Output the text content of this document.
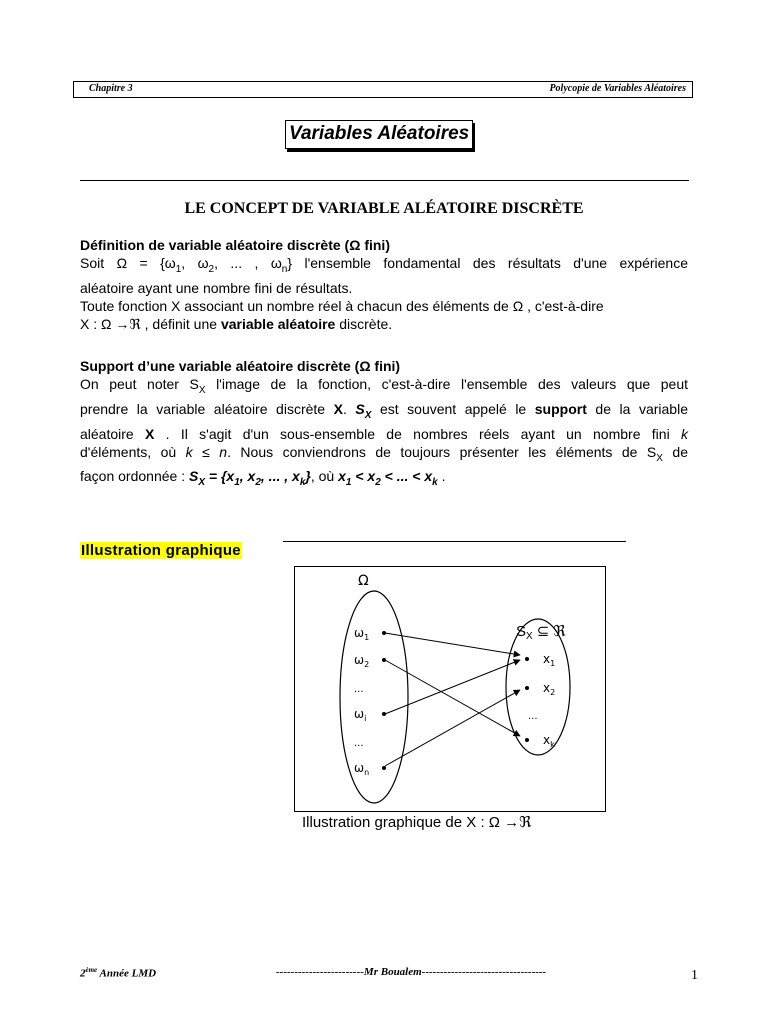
Chapitre 3	Polycopie de Variables Aléatoires
Variables Aléatoires
LE CONCEPT DE VARIABLE ALÉATOIRE DISCRÈTE
Définition de variable aléatoire discrète (Ω fini)
Soit $\Omega = \{\omega_1$, $\omega_2$, ... , $\omega_n$} l'ensemble fondamental des résultats d'une expérience
aléatoire ayant une nombre fini de résultats.
Toute fonction X associant un nombre réel à chacun des éléments de Ω , c'est-à-dire
X : Ω →ℜ , définit une variable aléatoire discrète.
Support d’une variable aléatoire discrète (Ω fini)
On peut noter $S_X$ l'image de la fonction, c'est-à-dire l'ensemble des valeurs que peut
prendre la variable aléatoire discrète X. $S_X$ est souvent appelé le support de la variable
aléatoire X . Il s'agit d'un sous-ensemble de nombres réels ayant un nombre fini k
d'éléments, où k ≤ n. Nous conviendrons de toujours présenter les éléments de $S_X$ de
façon ordonnée : $S_X = \{x_1$, $x_2$, ... , $x_k$}, où $x_1 < x_2$ < ... < $x_k$ .
Illustration graphique
Ω
$S_X$ ⊆ ℜ
$\omega_1$
$\omega_2$
...
$\omega_i$
...
$\omega_n$
$x_1$
$x_2$
...
$x_k$
Illustration graphique de X : Ω →ℜ
2ème Année LMD	------------------------Mr Boualem----------------------------------	1
